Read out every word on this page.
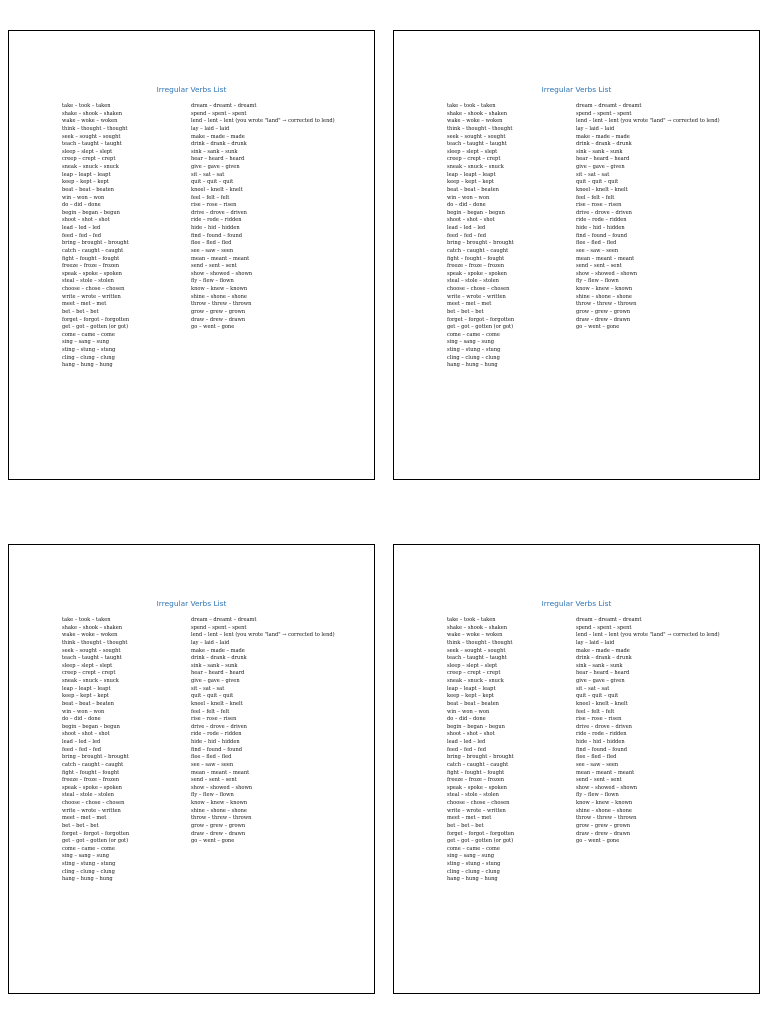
Irregular Verbs List
take – took – taken
shake – shook – shaken
wake – woke – woken
think – thought – thought
seek – sought – sought
teach – taught – taught
sleep – slept – slept
creep – crept – crept
sneak – snuck – snuck
leap – leapt – leapt
keep – kept – kept
beat – beat – beaten
win – won – won
do – did – done
begin – began – begun
shoot – shot – shot
lead – led – led
feed – fed – fed
bring – brought – brought
catch – caught – caught
fight – fought – fought
freeze – froze – frozen
speak – spoke – spoken
steal – stole – stolen
choose – chose – chosen
write – wrote – written
meet – met – met
bet – bet – bet
forget – forgot – forgotten
get – got – gotten (or got)
come – came – come
sing – sang – sung
sting – stung – stung
cling – clung – clung
hang – hung – hung
dream – dreamt – dreamt
spend – spent – spent
lend – lent – lent (you wrote "land" → corrected to lend)
lay – laid – laid
make – made – made
drink – drank – drunk
sink – sank – sunk
hear – heard – heard
give – gave – given
sit – sat – sat
quit – quit – quit
kneel – knelt – knelt
feel – felt – felt
rise – rose – risen
drive – drove – driven
ride – rode – ridden
hide – hid – hidden
find – found – found
flee – fled – fled
see – saw – seen
mean – meant – meant
send – sent – sent
show – showed – shown
fly – flew – flown
know – knew – known
shine – shone – shone
throw – threw – thrown
grow – grew – grown
draw – drew – drawn
go – went – gone
Irregular Verbs List
take – took – taken
shake – shook – shaken
wake – woke – woken
think – thought – thought
seek – sought – sought
teach – taught – taught
sleep – slept – slept
creep – crept – crept
sneak – snuck – snuck
leap – leapt – leapt
keep – kept – kept
beat – beat – beaten
win – won – won
do – did – done
begin – began – begun
shoot – shot – shot
lead – led – led
feed – fed – fed
bring – brought – brought
catch – caught – caught
fight – fought – fought
freeze – froze – frozen
speak – spoke – spoken
steal – stole – stolen
choose – chose – chosen
write – wrote – written
meet – met – met
bet – bet – bet
forget – forgot – forgotten
get – got – gotten (or got)
come – came – come
sing – sang – sung
sting – stung – stung
cling – clung – clung
hang – hung – hung
dream – dreamt – dreamt
spend – spent – spent
lend – lent – lent (you wrote "land" → corrected to lend)
lay – laid – laid
make – made – made
drink – drank – drunk
sink – sank – sunk
hear – heard – heard
give – gave – given
sit – sat – sat
quit – quit – quit
kneel – knelt – knelt
feel – felt – felt
rise – rose – risen
drive – drove – driven
ride – rode – ridden
hide – hid – hidden
find – found – found
flee – fled – fled
see – saw – seen
mean – meant – meant
send – sent – sent
show – showed – shown
fly – flew – flown
know – knew – known
shine – shone – shone
throw – threw – thrown
grow – grew – grown
draw – drew – drawn
go – went – gone
Irregular Verbs List
take – took – taken
shake – shook – shaken
wake – woke – woken
think – thought – thought
seek – sought – sought
teach – taught – taught
sleep – slept – slept
creep – crept – crept
sneak – snuck – snuck
leap – leapt – leapt
keep – kept – kept
beat – beat – beaten
win – won – won
do – did – done
begin – began – begun
shoot – shot – shot
lead – led – led
feed – fed – fed
bring – brought – brought
catch – caught – caught
fight – fought – fought
freeze – froze – frozen
speak – spoke – spoken
steal – stole – stolen
choose – chose – chosen
write – wrote – written
meet – met – met
bet – bet – bet
forget – forgot – forgotten
get – got – gotten (or got)
come – came – come
sing – sang – sung
sting – stung – stung
cling – clung – clung
hang – hung – hung
dream – dreamt – dreamt
spend – spent – spent
lend – lent – lent (you wrote "land" → corrected to lend)
lay – laid – laid
make – made – made
drink – drank – drunk
sink – sank – sunk
hear – heard – heard
give – gave – given
sit – sat – sat
quit – quit – quit
kneel – knelt – knelt
feel – felt – felt
rise – rose – risen
drive – drove – driven
ride – rode – ridden
hide – hid – hidden
find – found – found
flee – fled – fled
see – saw – seen
mean – meant – meant
send – sent – sent
show – showed – shown
fly – flew – flown
know – knew – known
shine – shone – shone
throw – threw – thrown
grow – grew – grown
draw – drew – drawn
go – went – gone
Irregular Verbs List
take – took – taken
shake – shook – shaken
wake – woke – woken
think – thought – thought
seek – sought – sought
teach – taught – taught
sleep – slept – slept
creep – crept – crept
sneak – snuck – snuck
leap – leapt – leapt
keep – kept – kept
beat – beat – beaten
win – won – won
do – did – done
begin – began – begun
shoot – shot – shot
lead – led – led
feed – fed – fed
bring – brought – brought
catch – caught – caught
fight – fought – fought
freeze – froze – frozen
speak – spoke – spoken
steal – stole – stolen
choose – chose – chosen
write – wrote – written
meet – met – met
bet – bet – bet
forget – forgot – forgotten
get – got – gotten (or got)
come – came – come
sing – sang – sung
sting – stung – stung
cling – clung – clung
hang – hung – hung
dream – dreamt – dreamt
spend – spent – spent
lend – lent – lent (you wrote "land" → corrected to lend)
lay – laid – laid
make – made – made
drink – drank – drunk
sink – sank – sunk
hear – heard – heard
give – gave – given
sit – sat – sat
quit – quit – quit
kneel – knelt – knelt
feel – felt – felt
rise – rose – risen
drive – drove – driven
ride – rode – ridden
hide – hid – hidden
find – found – found
flee – fled – fled
see – saw – seen
mean – meant – meant
send – sent – sent
show – showed – shown
fly – flew – flown
know – knew – known
shine – shone – shone
throw – threw – thrown
grow – grew – grown
draw – drew – drawn
go – went – gone
